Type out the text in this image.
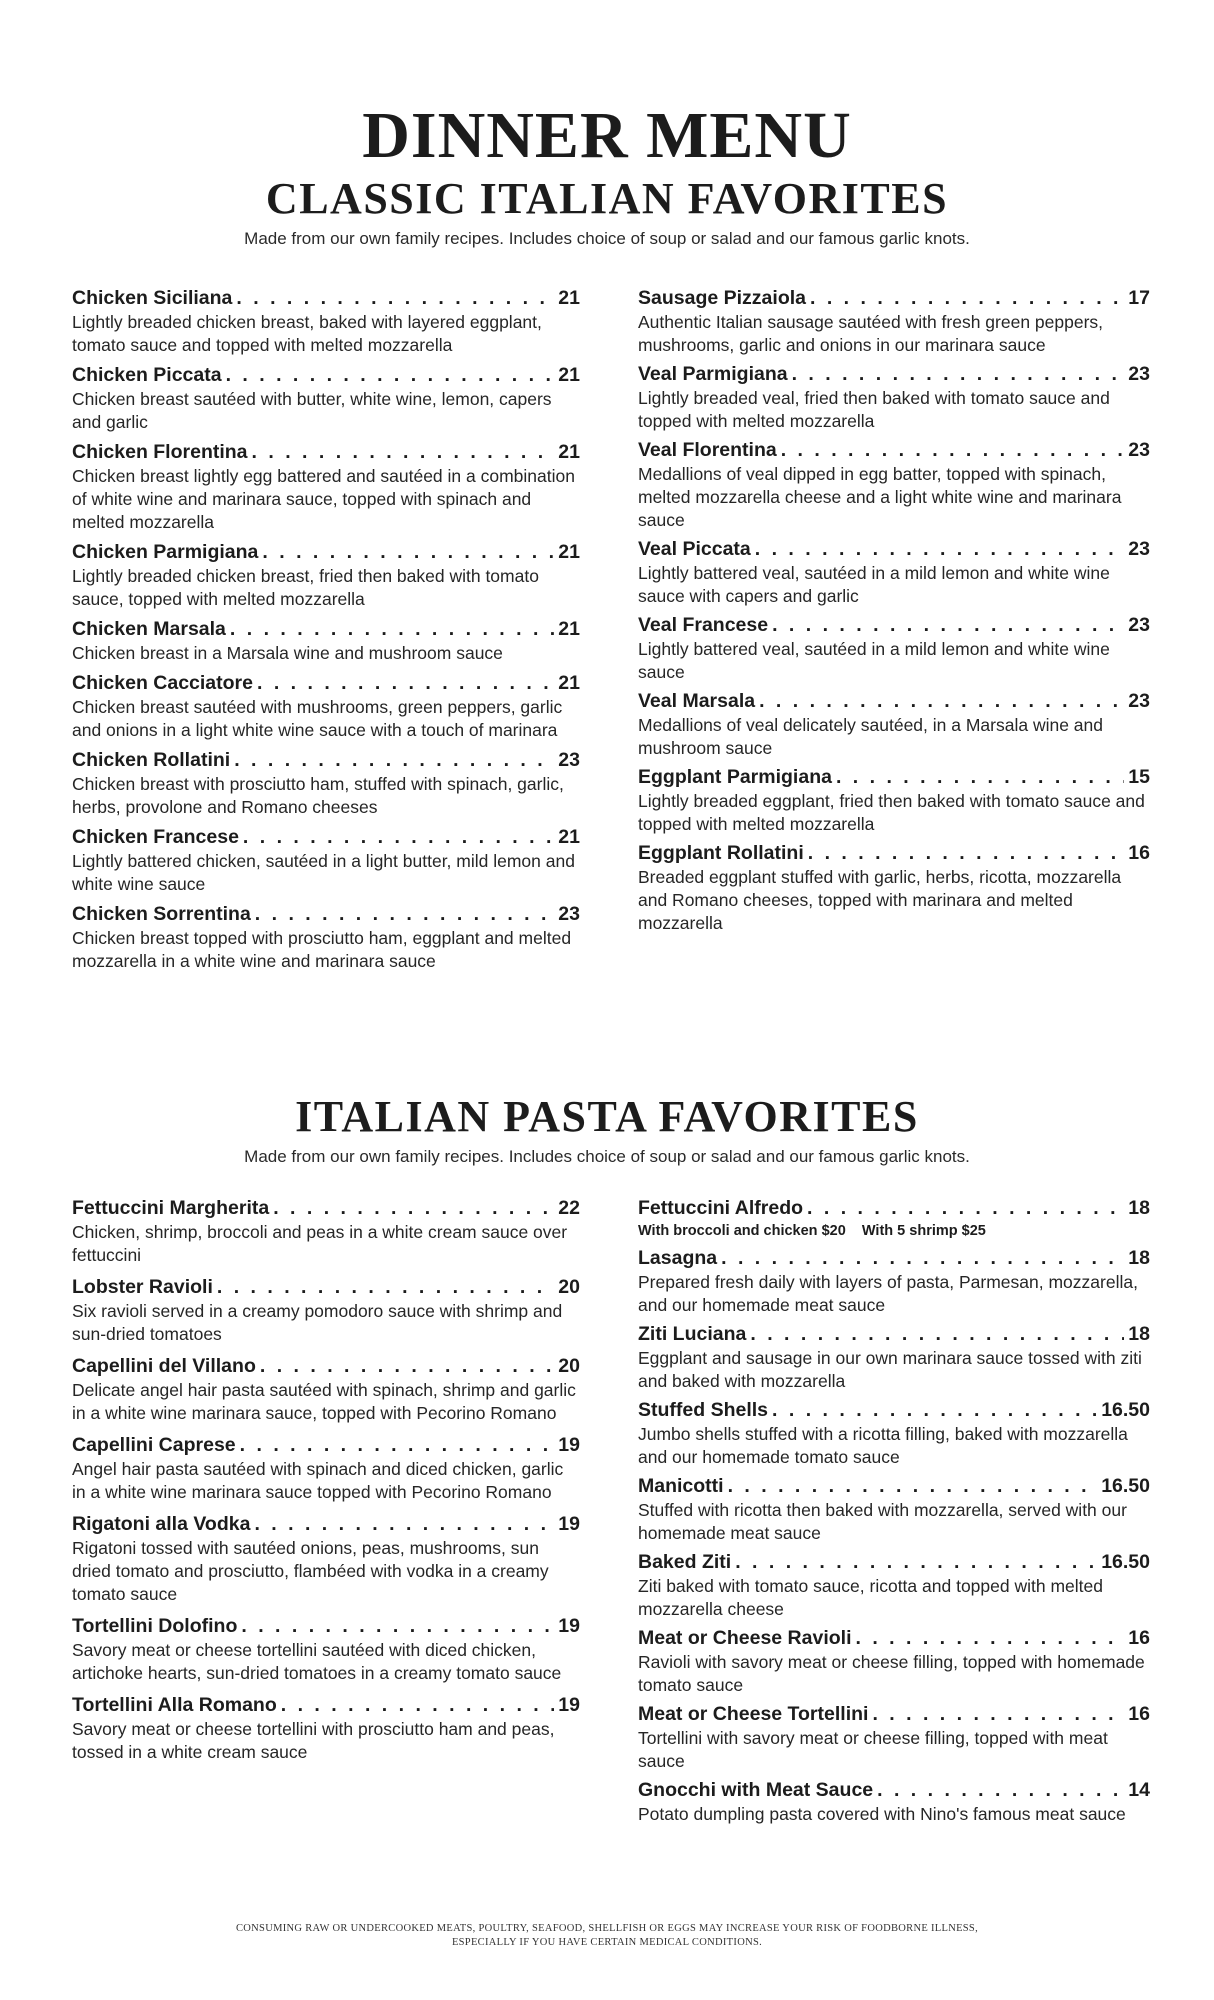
DINNER MENU
CLASSIC ITALIAN FAVORITES
Made from our own family recipes. Includes choice of soup or salad and our famous garlic knots.
Chicken Siciliana . . .	21
Lightly breaded chicken breast, baked with layered eggplant, tomato sauce and topped with melted mozzarella
Chicken Piccata . . .	21
Chicken breast sautéed with butter, white wine, lemon, capers and garlic
Chicken Florentina . . .	21
Chicken breast lightly egg battered and sautéed in a combination of white wine and marinara sauce, topped with spinach and melted mozzarella
Chicken Parmigiana . . .	21
Lightly breaded chicken breast, fried then baked with tomato sauce, topped with melted mozzarella
Chicken Marsala . . .	21
Chicken breast in a Marsala wine and mushroom sauce
Chicken Cacciatore . . .	21
Chicken breast sautéed with mushrooms, green peppers, garlic and onions in a light white wine sauce with a touch of marinara
Chicken Rollatini . . .	23
Chicken breast with prosciutto ham, stuffed with spinach, garlic, herbs, provolone and Romano cheeses
Chicken Francese . . .	21
Lightly battered chicken, sautéed in a light butter, mild lemon and white wine sauce
Chicken Sorrentina . . .	23
Chicken breast topped with prosciutto ham, eggplant and melted mozzarella in a white wine and marinara sauce
Sausage Pizzaiola . . .	17
Authentic Italian sausage sautéed with fresh green peppers, mushrooms, garlic and onions in our marinara sauce
Veal Parmigiana . . .	23
Lightly breaded veal, fried then baked with tomato sauce and topped with melted mozzarella
Veal Florentina . . .	23
Medallions of veal dipped in egg batter, topped with spinach, melted mozzarella cheese and a light white wine and marinara sauce
Veal Piccata . . .	23
Lightly battered veal, sautéed in a mild lemon and white wine sauce with capers and garlic
Veal Francese . . .	23
Lightly battered veal, sautéed in a mild lemon and white wine sauce
Veal Marsala . . .	23
Medallions of veal delicately sautéed, in a Marsala wine and mushroom sauce
Eggplant Parmigiana . . .	15
Lightly breaded eggplant, fried then baked with tomato sauce and topped with melted mozzarella
Eggplant Rollatini . . .	16
Breaded eggplant stuffed with garlic, herbs, ricotta, mozzarella and Romano cheeses, topped with marinara and melted mozzarella
ITALIAN PASTA FAVORITES
Made from our own family recipes. Includes choice of soup or salad and our famous garlic knots.
Fettuccini Margherita . . .	22
Chicken, shrimp, broccoli and peas in a white cream sauce over fettuccini
Lobster Ravioli . . .	20
Six ravioli served in a creamy pomodoro sauce with shrimp and sun-dried tomatoes
Capellini del Villano . . .	20
Delicate angel hair pasta sautéed with spinach, shrimp and garlic in a white wine marinara sauce, topped with Pecorino Romano
Capellini Caprese . . .	19
Angel hair pasta sautéed with spinach and diced chicken, garlic in a white wine marinara sauce topped with Pecorino Romano
Rigatoni alla Vodka . . .	19
Rigatoni tossed with sautéed onions, peas, mushrooms, sun dried tomato and prosciutto, flambéed with vodka in a creamy tomato sauce
Tortellini Dolofino . . .	19
Savory meat or cheese tortellini sautéed with diced chicken, artichoke hearts, sun-dried tomatoes in a creamy tomato sauce
Tortellini Alla Romano . . .	19
Savory meat or cheese tortellini with prosciutto ham and peas, tossed in a white cream sauce
Fettuccini Alfredo . . .	18
With broccoli and chicken $20    With 5 shrimp $25
Lasagna . . .	18
Prepared fresh daily with layers of pasta, Parmesan, mozzarella, and our homemade meat sauce
Ziti Luciana . . .	18
Eggplant and sausage in our own marinara sauce tossed with ziti and baked with mozzarella
Stuffed Shells . . .	16.50
Jumbo shells stuffed with a ricotta filling, baked with mozzarella and our homemade tomato sauce
Manicotti . . .	16.50
Stuffed with ricotta then baked with mozzarella, served with our homemade meat sauce
Baked Ziti . . .	16.50
Ziti baked with tomato sauce, ricotta and topped with melted mozzarella cheese
Meat or Cheese Ravioli . . .	16
Ravioli with savory meat or cheese filling, topped with homemade tomato sauce
Meat or Cheese Tortellini . . .	16
Tortellini with savory meat or cheese filling, topped with meat sauce
Gnocchi with Meat Sauce . . .	14
Potato dumpling pasta covered with Nino's famous meat sauce
CONSUMING RAW OR UNDERCOOKED MEATS, POULTRY, SEAFOOD, SHELLFISH OR EGGS MAY INCREASE YOUR RISK OF FOODBORNE ILLNESS,
ESPECIALLY IF YOU HAVE CERTAIN MEDICAL CONDITIONS.
